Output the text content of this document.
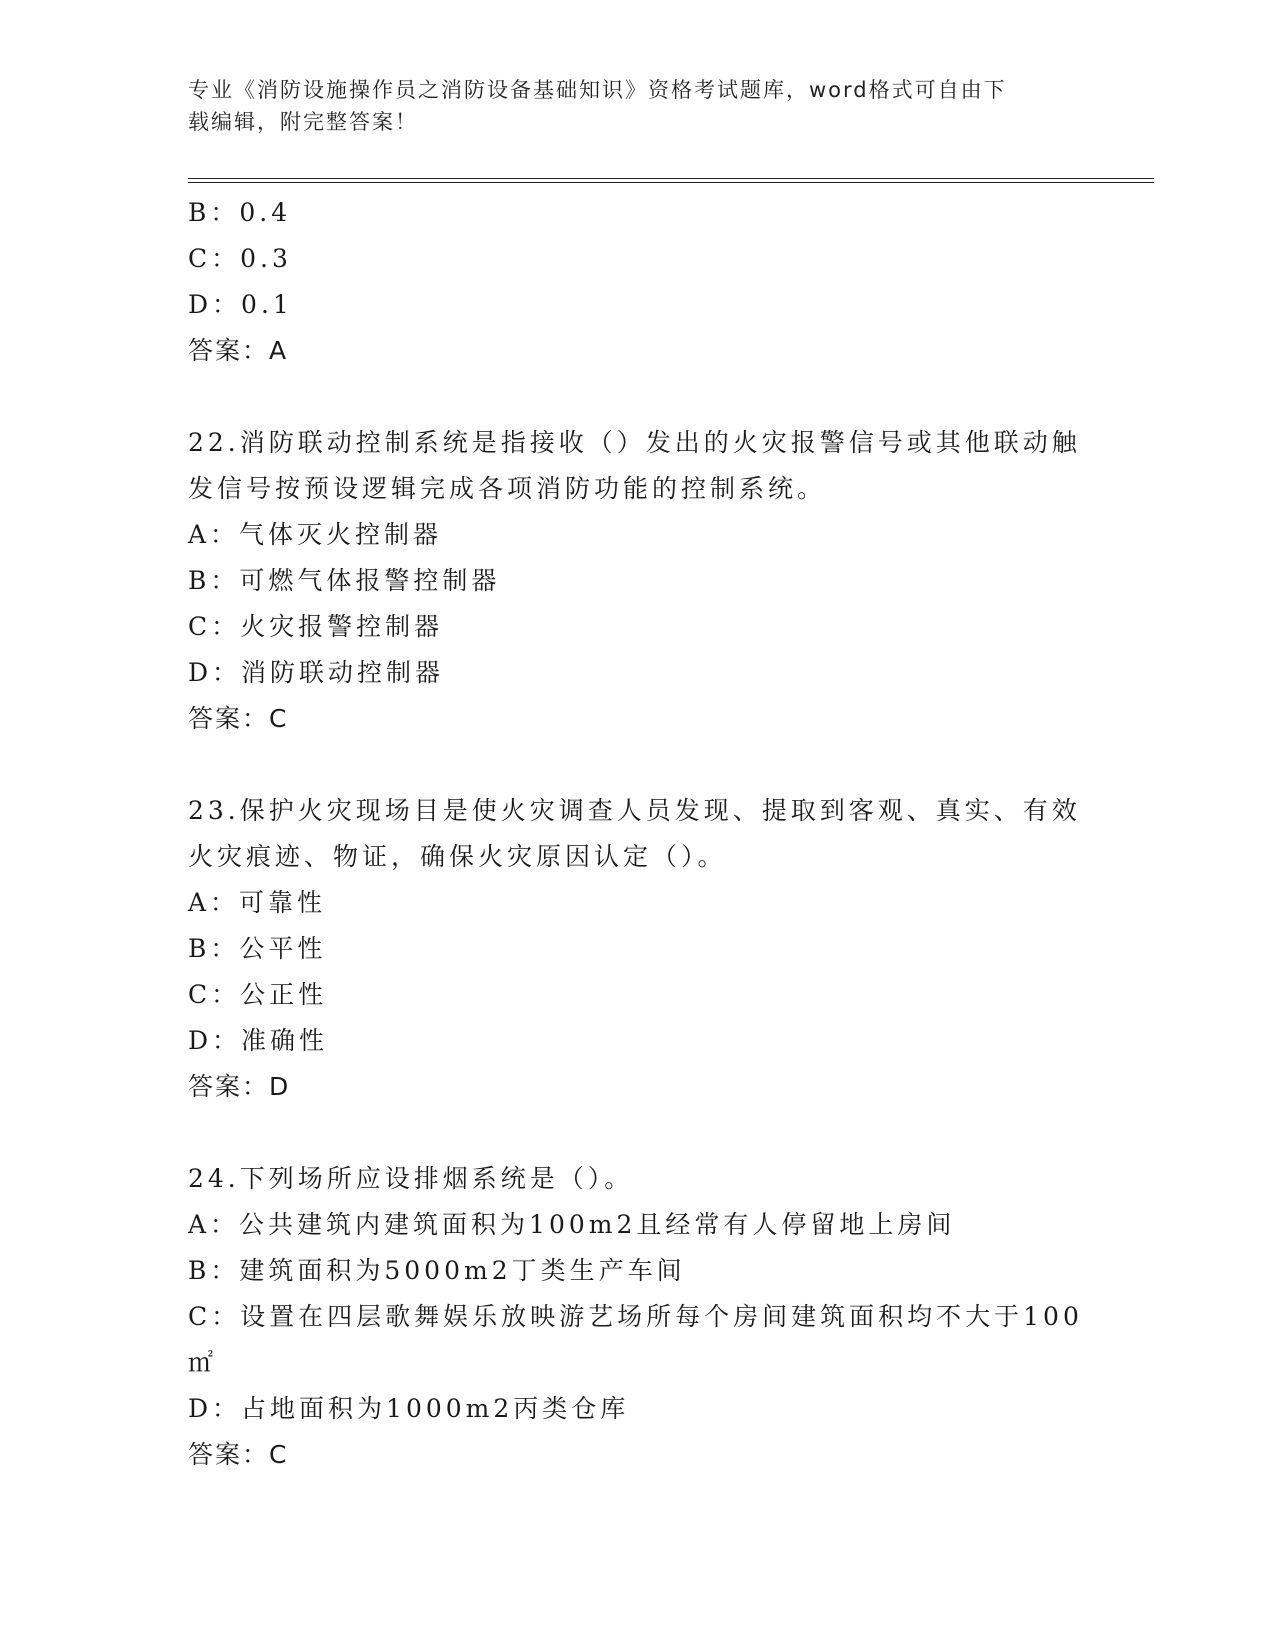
专业《消防设施操作员之消防设备基础知识》资格考试题库，word格式可自由下
载编辑，附完整答案！
B：0.4
C：0.3
D：0.1
答案：A
22.消防联动控制系统是指接收（）发出的火灾报警信号或其他联动触
发信号按预设逻辑完成各项消防功能的控制系统。
A：气体灭火控制器
B：可燃气体报警控制器
C：火灾报警控制器
D：消防联动控制器
答案：C
23.保护火灾现场目是使火灾调查人员发现、提取到客观、真实、有效
火灾痕迹、物证，确保火灾原因认定（）。
A：可靠性
B：公平性
C：公正性
D：准确性
答案：D
24.下列场所应设排烟系统是（）。
A：公共建筑内建筑面积为100m2且经常有人停留地上房间
B：建筑面积为5000m2丁类生产车间
C：设置在四层歌舞娱乐放映游艺场所每个房间建筑面积均不大于100
㎡
D：占地面积为1000m2丙类仓库
答案：C
